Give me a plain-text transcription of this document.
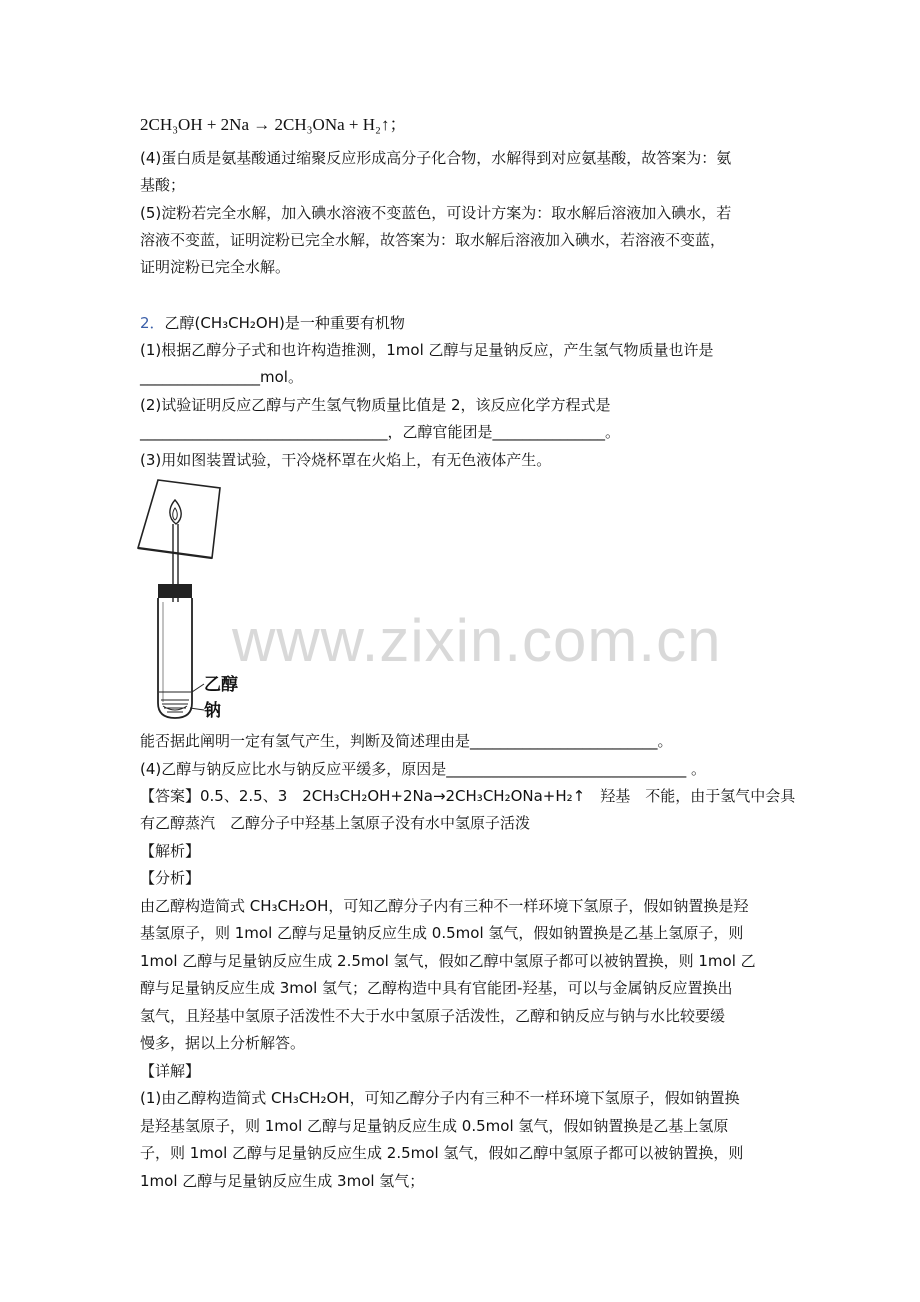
2CH₃OH + 2Na → 2CH₃ONa + H₂↑；
(4)蛋白质是氨基酸通过缩聚反应形成高分子化合物，水解得到对应氨基酸，故答案为：氨
基酸；
(5)淀粉若完全水解，加入碘水溶液不变蓝色，可设计方案为：取水解后溶液加入碘水，若
溶液不变蓝，证明淀粉已完全水解，故答案为：取水解后溶液加入碘水，若溶液不变蓝，
证明淀粉已完全水解。
2．乙醇(CH₃CH₂OH)是一种重要有机物
(1)根据乙醇分子式和也许构造推测，1mol 乙醇与足量钠反应，产生氢气物质量也许是
________________mol。
(2)试验证明反应乙醇与产生氢气物质量比值是 2，该反应化学方程式是
_________________________________，乙醇官能团是_______________。
(3)用如图装置试验，干冷烧杯罩在火焰上，有无色液体产生。
乙醇
钠
www.zixin.com.cn
能否据此阐明一定有氢气产生，判断及简述理由是_________________________。
(4)乙醇与钠反应比水与钠反应平缓多，原因是________________________________ 。
【答案】0.5、2.5、3　2CH₃CH₂OH+2Na→2CH₃CH₂ONa+H₂↑　羟基　不能，由于氢气中会具
有乙醇蒸汽　乙醇分子中羟基上氢原子没有水中氢原子活泼
【解析】
【分析】
由乙醇构造简式 CH₃CH₂OH，可知乙醇分子内有三种不一样环境下氢原子，假如钠置换是羟
基氢原子，则 1mol 乙醇与足量钠反应生成 0.5mol 氢气，假如钠置换是乙基上氢原子，则
1mol 乙醇与足量钠反应生成 2.5mol 氢气，假如乙醇中氢原子都可以被钠置换，则 1mol 乙
醇与足量钠反应生成 3mol 氢气；乙醇构造中具有官能团-羟基，可以与金属钠反应置换出
氢气，且羟基中氢原子活泼性不大于水中氢原子活泼性，乙醇和钠反应与钠与水比较要缓
慢多，据以上分析解答。
【详解】
(1)由乙醇构造简式 CH₃CH₂OH，可知乙醇分子内有三种不一样环境下氢原子，假如钠置换
是羟基氢原子，则 1mol 乙醇与足量钠反应生成 0.5mol 氢气，假如钠置换是乙基上氢原
子，则 1mol 乙醇与足量钠反应生成 2.5mol 氢气，假如乙醇中氢原子都可以被钠置换，则
1mol 乙醇与足量钠反应生成 3mol 氢气；
